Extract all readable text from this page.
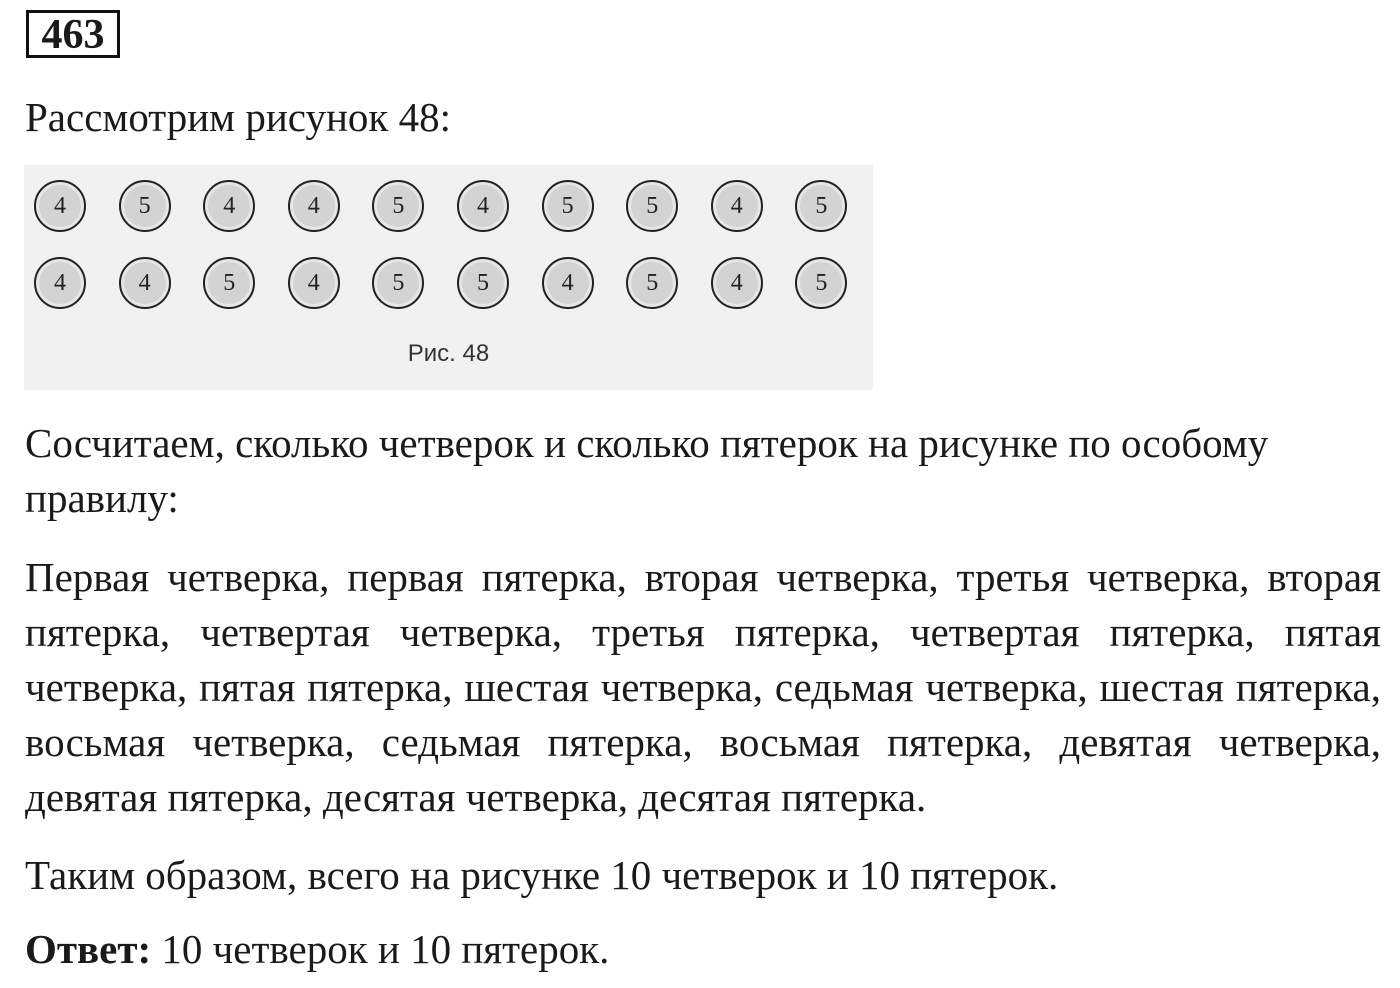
463

Рассмотрим рисунок 48:

4	5	4	4	5	4	5	5	4	5
4	4	5	4	5	5	4	5	4	5
Рис. 48

Сосчитаем, сколько четверок и сколько пятерок на рисунке по особому правилу:

Первая четверка, первая пятерка, вторая четверка, третья четверка, вторая пятерка, четвертая четверка, третья пятерка, четвертая пятерка, пятая четверка, пятая пятерка, шестая четверка, седьмая четверка, шестая пятерка, восьмая четверка, седьмая пятерка, восьмая пятерка, девятая четверка, девятая пятерка, десятая четверка, десятая пятерка.

Таким образом, всего на рисунке 10 четверок и 10 пятерок.

Ответ: 10 четверок и 10 пятерок.
